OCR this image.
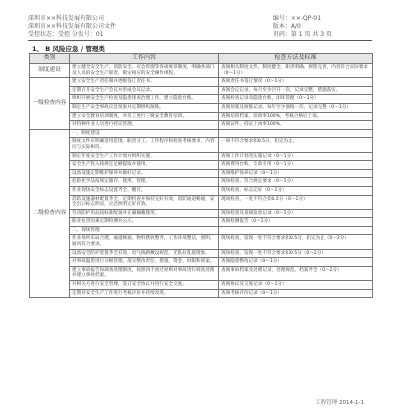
深圳市××科技发展有限公司
深圳市××科技发展有限公司文件
受控状态：受控 分发号：01
编号：××-QP-01
版本：A/0
页码：第 1 页 共 3 页
1、 B 风险应急 / 管理类
类别	工作内容	检查方法及标准
制度建设	建立健全安全生产、消防安全、应急管理等各项规章制度，明确各部门及人员的安全生产职责，制定相应的安全操作规程。	查阅相关制度文件，制度健全、职责明确、规程完善，内容符合实际要求（0～1分）
一级检查内容	建立安全生产责任制并逐级签订责任书。	查阅责任书签订情况（0～1分）
	定期召开安全生产会议并形成会议记录。	查阅会议记录，每月至少召开一次，记录完整，措施落实。
	组织开展安全生产检查及隐患排查治理工作，建立隐患台账。	查阅检查记录及隐患台账，闭环管理（0～1分）
	制定生产安全事故应急预案并定期组织演练。	查阅预案及演练记录，每年至少演练一次，记录完整（0～1分）
	建立安全教育培训制度，对员工进行三级安全教育培训。	查阅培训档案，培训率100%，考核合格后上岗。
	对特种作业人员进行持证管理。	查阅证件，持证上岗率100%。
二级检查内容	一、制度建设	
	制度文件应明确适用范围、职责分工、工作程序和检查考核要求，内容应与实际相符。	一项不符合要求扣0.5分，扣完为止。
	制定年度安全生产工作计划并组织实施。	查阅工作计划及实施记录（0～1分）
	安全生产投入按规定足额提取并使用。	查阅费用台账，专款专用（0～1分）
	设备设施定期维护保养并做好记录。	查阅维护保养记录（0～1分）
	危险化学品按规定储存、使用、管理。	现场检查，符合规定要求（0～1分）
	作业现场安全标志设置齐全、醒目。	现场检查，标志完好（0～1分）
	消防设施器材配置齐全，定期检查并保持完好有效，消防通道畅通，安全出口标志明显，应急照明完好有效。	现场检查，一处不符合扣0.5分（0～1分）
	劳动防护用品按标准配备并正确佩戴使用。	现场检查及查阅发放记录（0～1分）
	职业危害因素定期检测并公示。	查阅检测报告（0～1分）
	二、现场管理	
	作业场所布局合理，通道畅通，物料摆放整齐，工作环境整洁，照明、通风符合要求。	现场检查，发现一处不符合要求扣0.5分，扣完为止（0～2分）
	设备安全防护装置齐全有效，电气线路敷设规范，无私拉乱接现象。	现场检查，发现一处不符合要求扣0.5分（0～2分）
	对事故隐患进行分级管理，落实整改责任、措施、资金、时限和预案。	查阅隐患整改记录（0～1分）
	建立事故报告和调查处理制度，按照四不放过原则对事故进行调查处理并建立事故档案。	查阅事故档案及处理记录，处理规范、档案齐全（0～2分）
	对相关方进行安全管理，签订安全协议并进行安全交底。	查阅协议及交底记录（0～1分）
	定期对安全生产工作进行考核评价并持续改进。	查阅考核评价记录（0～1分）
工程管理 2014-1-1
